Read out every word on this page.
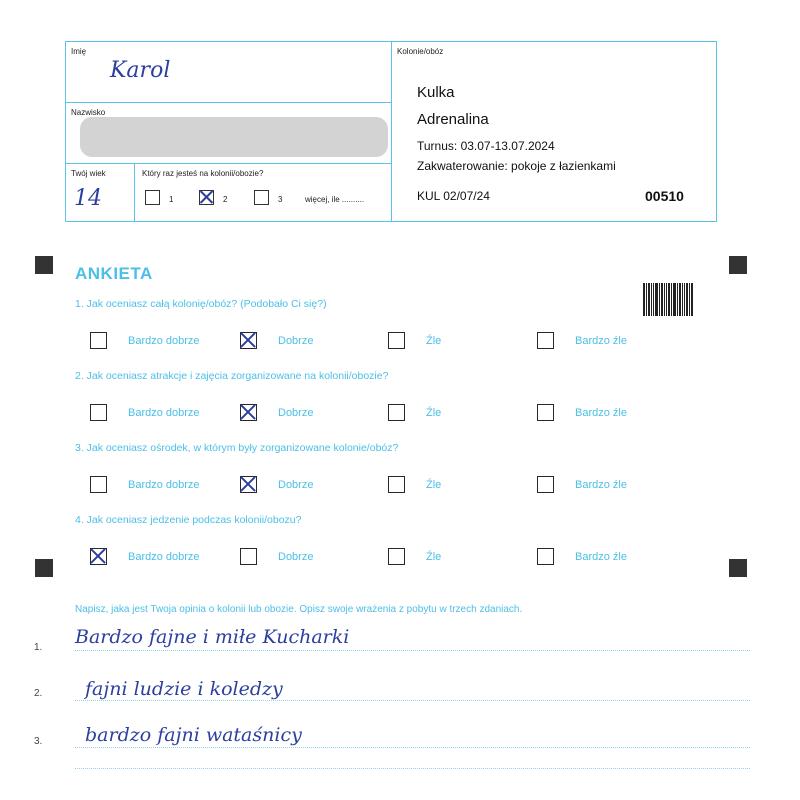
Imię
Karol
Nazwisko
Twój wiek
14
Który raz jesteś na kolonii/obozie?
1	2	3	więcej, ile ..........
Kolonie/obóz
Kulka
Adrenalina
Turnus: 03.07-13.07.2024
Zakwaterowanie: pokoje z łazienkami
KUL 02/07/24	00510
ANKIETA
1. Jak oceniasz całą kolonię/obóz? (Podobało Ci się?)
Bardzo dobrze	Dobrze	Źle	Bardzo źle
2. Jak oceniasz atrakcje i zajęcia zorganizowane na kolonii/obozie?
Bardzo dobrze	Dobrze	Źle	Bardzo źle
3. Jak oceniasz ośrodek, w którym były zorganizowane kolonie/obóz?
Bardzo dobrze	Dobrze	Źle	Bardzo źle
4. Jak oceniasz jedzenie podczas kolonii/obozu?
Bardzo dobrze	Dobrze	Źle	Bardzo źle
Napisz, jaka jest Twoja opinia o kolonii lub obozie. Opisz swoje wrażenia z pobytu w trzech zdaniach.
1. Bardzo fajne i miłe Kucharki
2. fajni ludzie i koledzy
3. bardzo fajni wataśnicy
